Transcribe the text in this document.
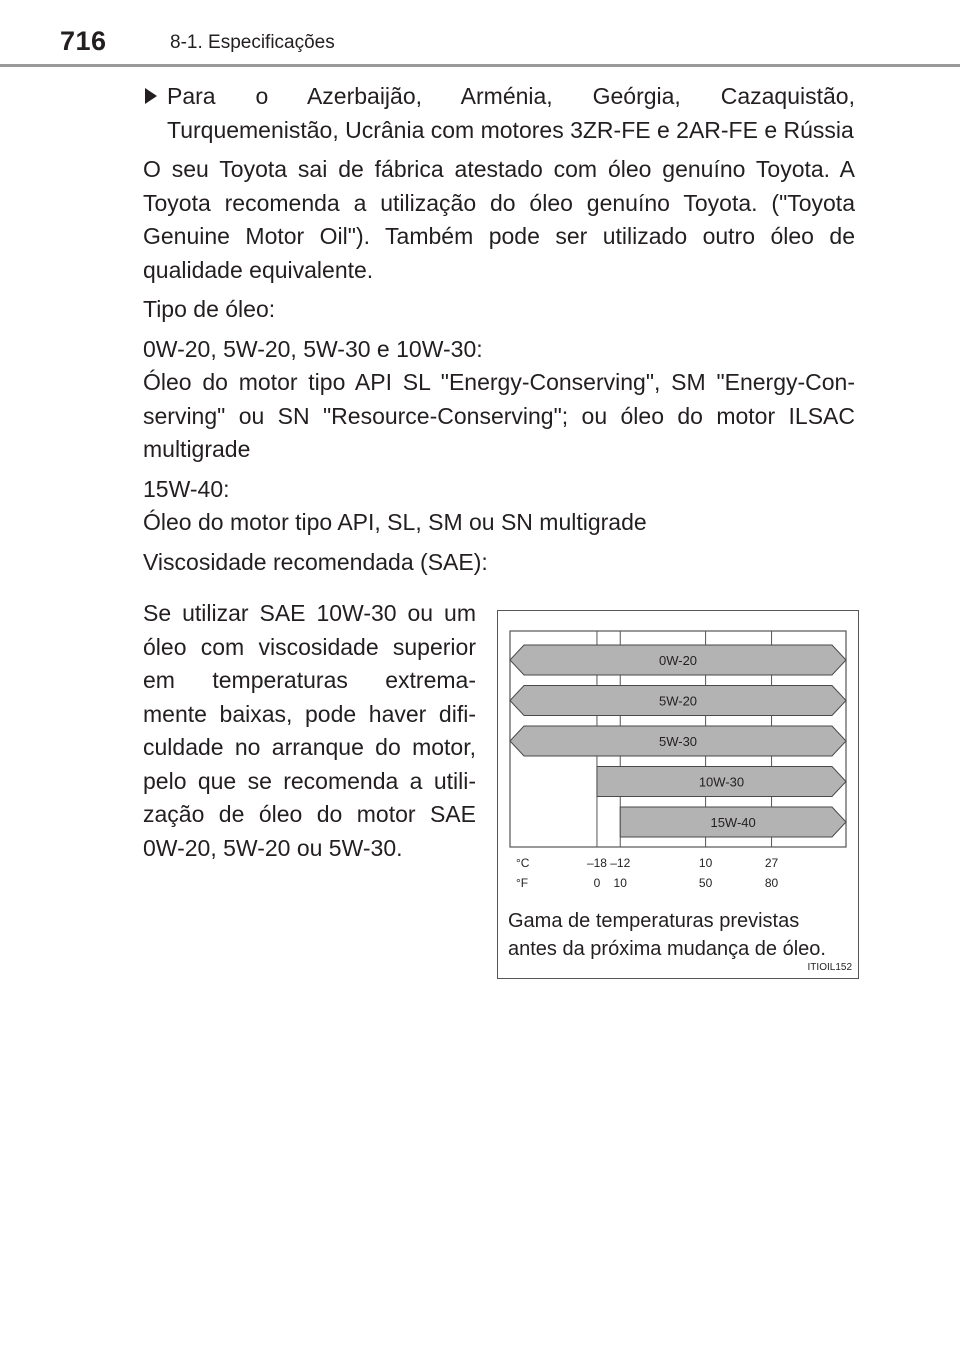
716	8-1. Especificações
Para o Azerbaijão, Arménia, Geórgia, Cazaquistão, Turquemenistão, Ucrânia com motores 3ZR-FE e 2AR-FE e Rússia

O seu Toyota sai de fábrica atestado com óleo genuíno Toyota. A Toyota recomenda a utilização do óleo genuíno Toyota. ("Toyota Genuine Motor Oil"). Também pode ser utilizado outro óleo de qualidade equivalente.

Tipo de óleo:

0W-20, 5W-20, 5W-30 e 10W-30:

Óleo do motor tipo API SL "Energy-Conserving", SM "Energy-Con-serving" ou SN "Resource-Conserving"; ou óleo do motor ILSAC multigrade

15W-40:

Óleo do motor tipo API, SL, SM ou SN multigrade

Viscosidade recomendada (SAE):

Se utilizar SAE 10W-30 ou um óleo com viscosidade superior em temperaturas extrema-mente baixas, pode haver difi-culdade no arranque do motor, pelo que se recomenda a utili-zação de óleo do motor SAE 0W-20, 5W-20 ou 5W-30.
0W-20
5W-20
5W-30
10W-30
15W-40
°C
°F
–18 –12	10	27
0 10	50	80
Gama de temperaturas previstas
antes da próxima mudança de óleo.
ITIOIL152
